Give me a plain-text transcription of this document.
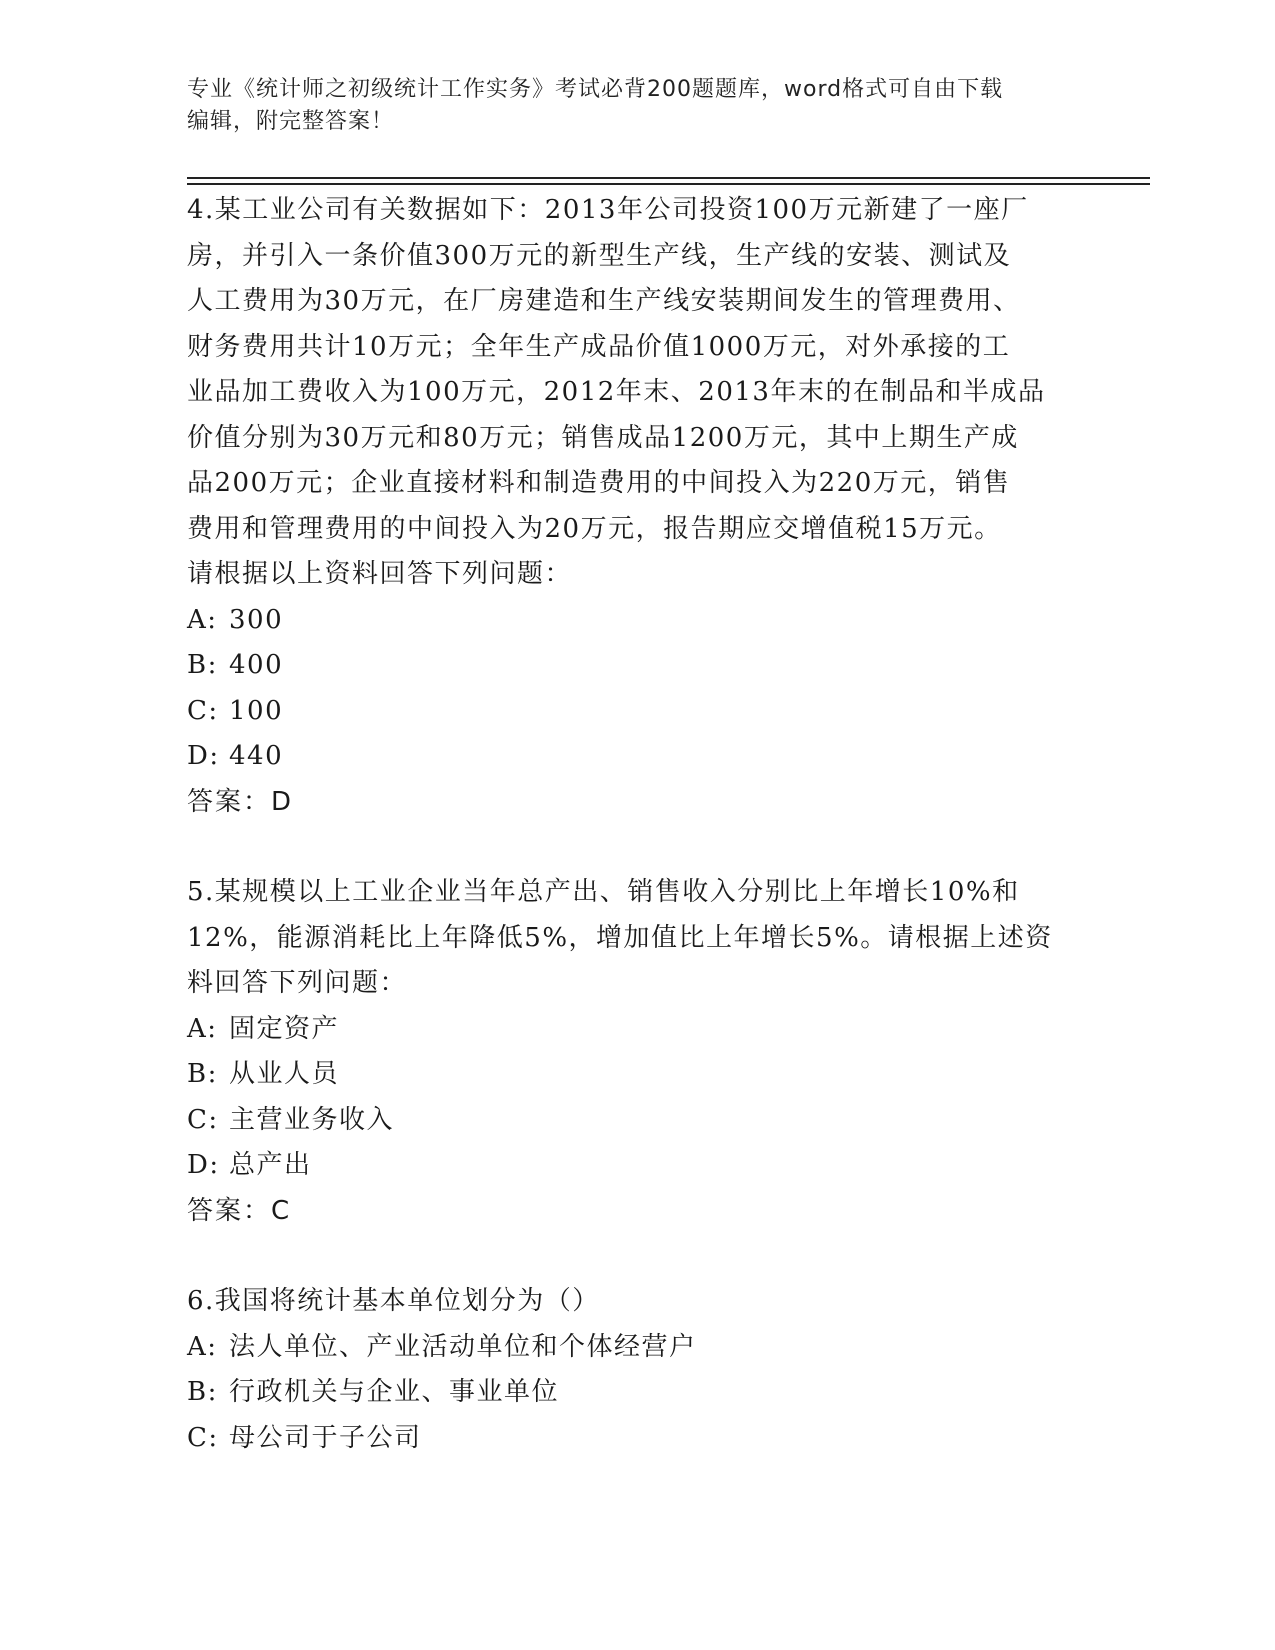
专业《统计师之初级统计工作实务》考试必背200题题库，word格式可自由下载
编辑，附完整答案！
4.某工业公司有关数据如下：2013年公司投资100万元新建了一座厂
房，并引入一条价值300万元的新型生产线，生产线的安装、测试及
人工费用为30万元，在厂房建造和生产线安装期间发生的管理费用、
财务费用共计10万元；全年生产成品价值1000万元，对外承接的工
业品加工费收入为100万元，2012年末、2013年末的在制品和半成品
价值分别为30万元和80万元；销售成品1200万元，其中上期生产成
品200万元；企业直接材料和制造费用的中间投入为220万元，销售
费用和管理费用的中间投入为20万元，报告期应交增值税15万元。
请根据以上资料回答下列问题：
A: 300
B: 400
C: 100
D: 440
答案：D
5.某规模以上工业企业当年总产出、销售收入分别比上年增长10%和
12%，能源消耗比上年降低5%，增加值比上年增长5%。请根据上述资
料回答下列问题：
A: 固定资产
B: 从业人员
C: 主营业务收入
D: 总产出
答案：C
6.我国将统计基本单位划分为（）
A: 法人单位、产业活动单位和个体经营户
B: 行政机关与企业、事业单位
C: 母公司于子公司
